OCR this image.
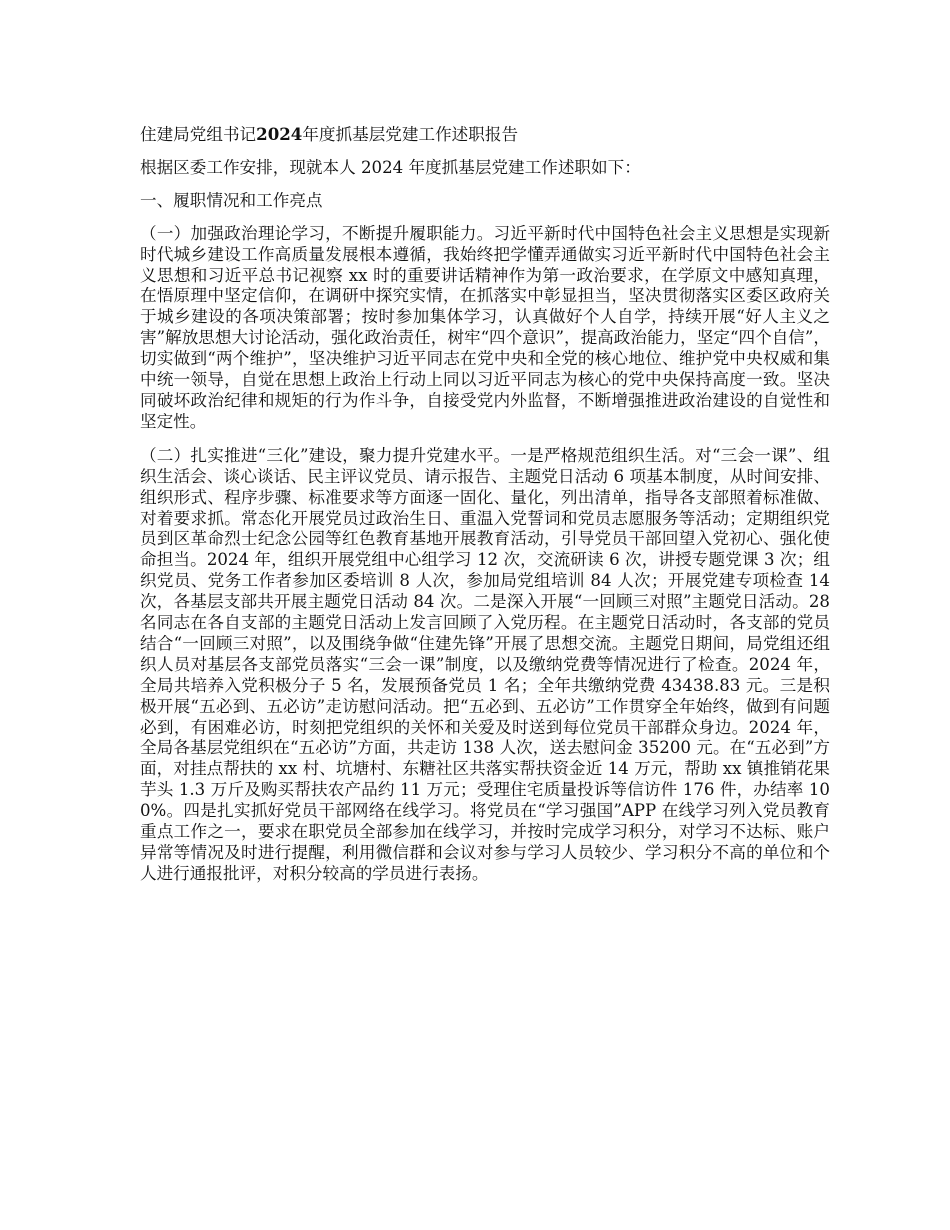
住建局党组书记2024年度抓基层党建工作述职报告

根据区委工作安排，现就本人 2024 年度抓基层党建工作述职如下：

一、履职情况和工作亮点

（一）加强政治理论学习，不断提升履职能力。习近平新时代中国特色社会主义思想是实现新时代城乡建设工作高质量发展根本遵循，我始终把学懂弄通做实习近平新时代中国特色社会主义思想和习近平总书记视察 xx 时的重要讲话精神作为第一政治要求，在学原文中感知真理，在悟原理中坚定信仰，在调研中探究实情，在抓落实中彰显担当，坚决贯彻落实区委区政府关于城乡建设的各项决策部署；按时参加集体学习，认真做好个人自学，持续开展“好人主义之害”解放思想大讨论活动，强化政治责任，树牢“四个意识”，提高政治能力，坚定“四个自信”，切实做到“两个维护”，坚决维护习近平同志在党中央和全党的核心地位、维护党中央权威和集中统一领导，自觉在思想上政治上行动上同以习近平同志为核心的党中央保持高度一致。坚决同破坏政治纪律和规矩的行为作斗争，自接受党内外监督，不断增强推进政治建设的自觉性和坚定性。

（二）扎实推进“三化”建设，聚力提升党建水平。一是严格规范组织生活。对“三会一课”、组织生活会、谈心谈话、民主评议党员、请示报告、主题党日活动 6 项基本制度，从时间安排、组织形式、程序步骤、标准要求等方面逐一固化、量化，列出清单，指导各支部照着标准做、对着要求抓。常态化开展党员过政治生日、重温入党誓词和党员志愿服务等活动；定期组织党员到区革命烈士纪念公园等红色教育基地开展教育活动，引导党员干部回望入党初心、强化使命担当。2024 年，组织开展党组中心组学习 12 次，交流研读 6 次，讲授专题党课 3 次；组织党员、党务工作者参加区委培训 8 人次，参加局党组培训 84 人次；开展党建专项检查 14 次，各基层支部共开展主题党日活动 84 次。二是深入开展“一回顾三对照”主题党日活动。28 名同志在各自支部的主题党日活动上发言回顾了入党历程。在主题党日活动时，各支部的党员结合“一回顾三对照”，以及围绕争做“住建先锋”开展了思想交流。主题党日期间，局党组还组织人员对基层各支部党员落实“三会一课”制度，以及缴纳党费等情况进行了检查。2024 年，全局共培养入党积极分子 5 名，发展预备党员 1 名；全年共缴纳党费 43438.83 元。三是积极开展“五必到、五必访”走访慰问活动。把“五必到、五必访”工作贯穿全年始终，做到有问题必到，有困难必访，时刻把党组织的关怀和关爱及时送到每位党员干部群众身边。2024 年，全局各基层党组织在“五必访”方面，共走访 138 人次，送去慰问金 35200 元。在“五必到”方面，对挂点帮扶的 xx 村、坑塘村、东糖社区共落实帮扶资金近 14 万元，帮助 xx 镇推销花果芋头 1.3 万斤及购买帮扶农产品约 11 万元；受理住宅质量投诉等信访件 176 件，办结率 100%。四是扎实抓好党员干部网络在线学习。将党员在“学习强国”APP 在线学习列入党员教育重点工作之一，要求在职党员全部参加在线学习，并按时完成学习积分，对学习不达标、账户异常等情况及时进行提醒，利用微信群和会议对参与学习人员较少、学习积分不高的单位和个人进行通报批评，对积分较高的学员进行表扬。
